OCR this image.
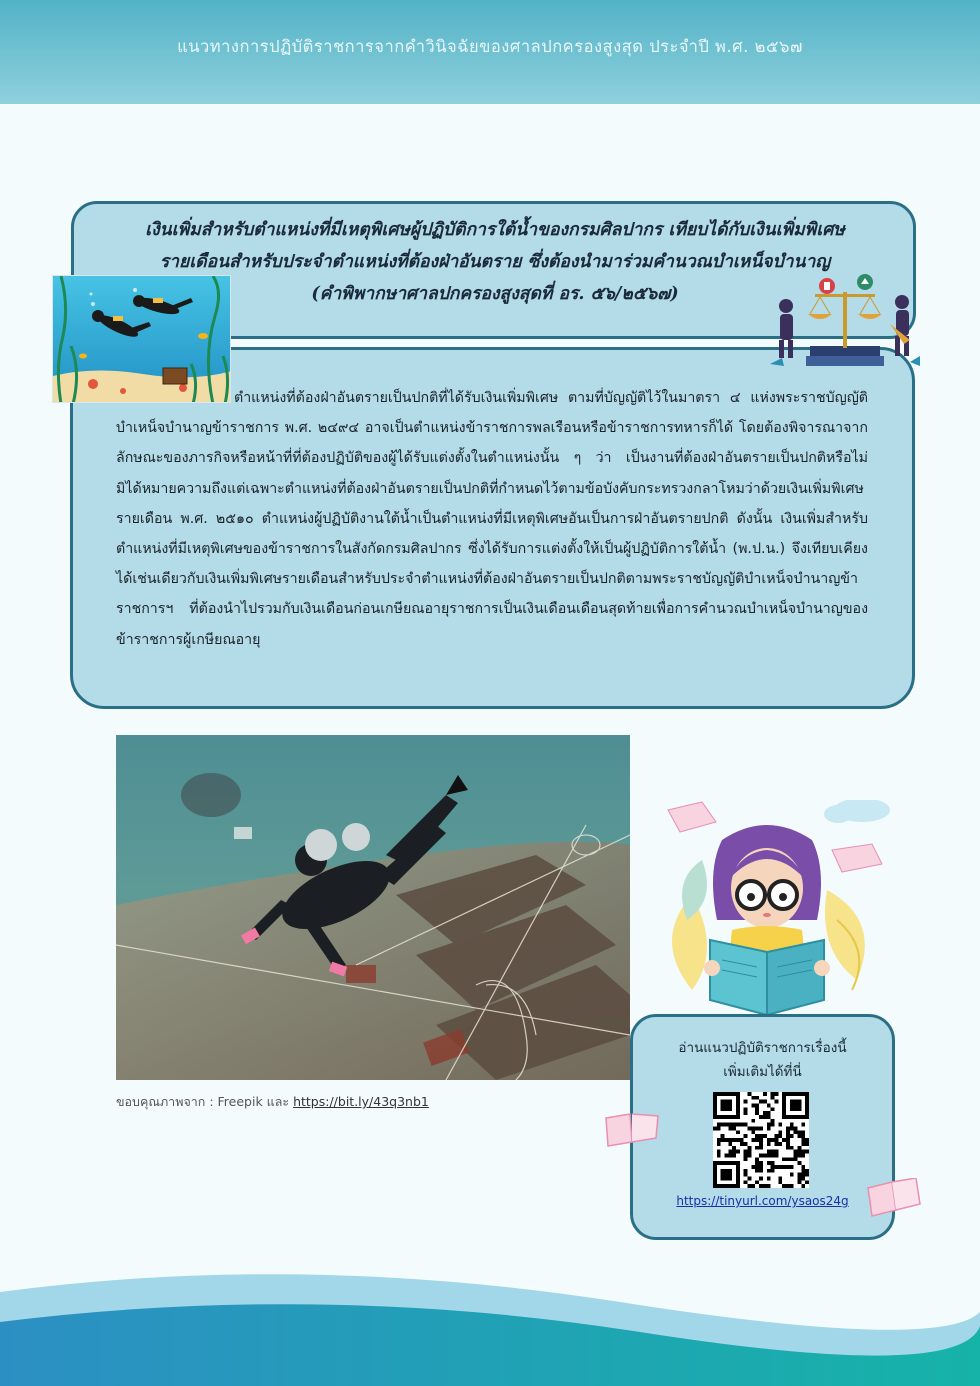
แนวทางการปฏิบัติราชการจากคำวินิจฉัยของศาลปกครองสูงสุด ประจำปี พ.ศ. ๒๕๖๗
เงินเพิ่มสำหรับตำแหน่งที่มีเหตุพิเศษผู้ปฏิบัติการใต้น้ำของกรมศิลปากร เทียบได้กับเงินเพิ่มพิเศษ
รายเดือนสำหรับประจำตำแหน่งที่ต้องฝ่าอันตราย ซึ่งต้องนำมาร่วมคำนวณบำเหน็จบำนาญ
(คำพิพากษาศาลปกครองสูงสุดที่ อร. ๕๖/๒๕๖๗)
ตำแหน่งที่ต้องฝ่าอันตรายเป็นปกติที่ได้รับเงินเพิ่มพิเศษ ตามที่บัญญัติไว้ในมาตรา ๔ แห่งพระราชบัญญัติบำเหน็จบำนาญข้าราชการ พ.ศ. ๒๔๙๔ อาจเป็นตำแหน่งข้าราชการพลเรือนหรือข้าราชการทหารก็ได้ โดยต้องพิจารณาจากลักษณะของภารกิจหรือหน้าที่ที่ต้องปฏิบัติของผู้ได้รับแต่งตั้งในตำแหน่งนั้น ๆ ว่า เป็นงานที่ต้องฝ่าอันตรายเป็นปกติหรือไม่ มิได้หมายความถึงแต่เฉพาะตำแหน่งที่ต้องฝ่าอันตรายเป็นปกติที่กำหนดไว้ตามข้อบังคับกระทรวงกลาโหมว่าด้วยเงินเพิ่มพิเศษรายเดือน พ.ศ. ๒๕๑๐ ตำแหน่งผู้ปฏิบัติงานใต้น้ำเป็นตำแหน่งที่มีเหตุพิเศษอันเป็นการฝ่าอันตรายปกติ ดังนั้น เงินเพิ่มสำหรับตำแหน่งที่มีเหตุพิเศษของข้าราชการในสังกัดกรมศิลปากร ซึ่งได้รับการแต่งตั้งให้เป็นผู้ปฏิบัติการใต้น้ำ (พ.ป.น.) จึงเทียบเคียงได้เช่นเดียวกับเงินเพิ่มพิเศษรายเดือนสำหรับประจำตำแหน่งที่ต้องฝ่าอันตรายเป็นปกติตามพระราชบัญญัติบำเหน็จบำนาญข้าราชการฯ ที่ต้องนำไปรวมกับเงินเดือนก่อนเกษียณอายุราชการเป็นเงินเดือนเดือนสุดท้ายเพื่อการคำนวณบำเหน็จบำนาญของข้าราชการผู้เกษียณอายุ
ขอบคุณภาพจาก : Freepik และ https://bit.ly/43q3nb1
อ่านแนวปฏิบัติราชการเรื่องนี้
เพิ่มเติมได้ที่นี่
https://tinyurl.com/ysaos24g
